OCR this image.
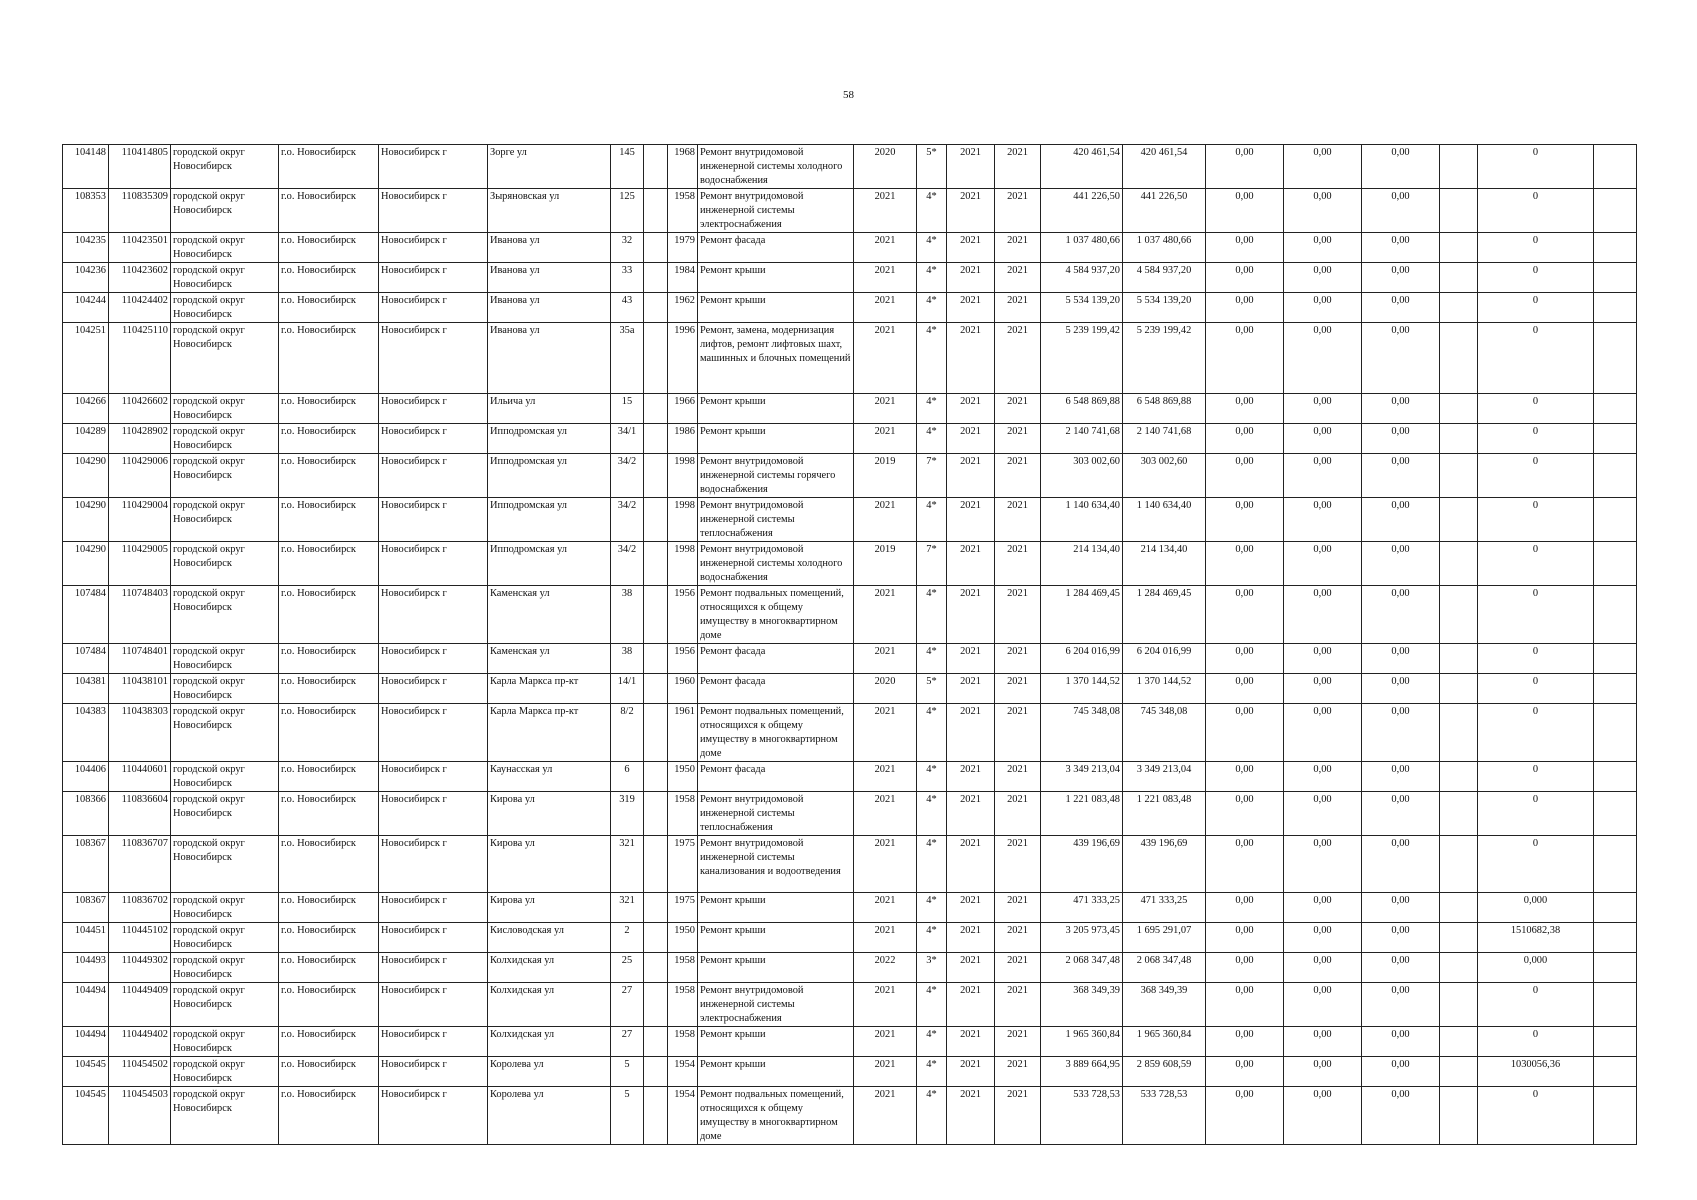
58
104148	110414805	городской округ Новосибирск	г.о. Новосибирск	Новосибирск г	Зорге ул	145		1968	Ремонт внутридомовой инженерной системы холодного водоснабжения	2020	5*	2021	2021	420 461,54	420 461,54	0,00	0,00	0,00		0	
108353	110835309	городской округ Новосибирск	г.о. Новосибирск	Новосибирск г	Зыряновская ул	125		1958	Ремонт внутридомовой инженерной системы электроснабжения	2021	4*	2021	2021	441 226,50	441 226,50	0,00	0,00	0,00		0	
104235	110423501	городской округ Новосибирск	г.о. Новосибирск	Новосибирск г	Иванова ул	32		1979	Ремонт фасада	2021	4*	2021	2021	1 037 480,66	1 037 480,66	0,00	0,00	0,00		0	
104236	110423602	городской округ Новосибирск	г.о. Новосибирск	Новосибирск г	Иванова ул	33		1984	Ремонт крыши	2021	4*	2021	2021	4 584 937,20	4 584 937,20	0,00	0,00	0,00		0	
104244	110424402	городской округ Новосибирск	г.о. Новосибирск	Новосибирск г	Иванова ул	43		1962	Ремонт крыши	2021	4*	2021	2021	5 534 139,20	5 534 139,20	0,00	0,00	0,00		0	
104251	110425110	городской округ Новосибирск	г.о. Новосибирск	Новосибирск г	Иванова ул	35а		1996	Ремонт, замена, модернизация лифтов, ремонт лифтовых шахт, машинных и блочных помещений	2021	4*	2021	2021	5 239 199,42	5 239 199,42	0,00	0,00	0,00		0	
104266	110426602	городской округ Новосибирск	г.о. Новосибирск	Новосибирск г	Ильича ул	15		1966	Ремонт крыши	2021	4*	2021	2021	6 548 869,88	6 548 869,88	0,00	0,00	0,00		0	
104289	110428902	городской округ Новосибирск	г.о. Новосибирск	Новосибирск г	Ипподромская ул	34/1		1986	Ремонт крыши	2021	4*	2021	2021	2 140 741,68	2 140 741,68	0,00	0,00	0,00		0	
104290	110429006	городской округ Новосибирск	г.о. Новосибирск	Новосибирск г	Ипподромская ул	34/2		1998	Ремонт внутридомовой инженерной системы горячего водоснабжения	2019	7*	2021	2021	303 002,60	303 002,60	0,00	0,00	0,00		0	
104290	110429004	городской округ Новосибирск	г.о. Новосибирск	Новосибирск г	Ипподромская ул	34/2		1998	Ремонт внутридомовой инженерной системы теплоснабжения	2021	4*	2021	2021	1 140 634,40	1 140 634,40	0,00	0,00	0,00		0	
104290	110429005	городской округ Новосибирск	г.о. Новосибирск	Новосибирск г	Ипподромская ул	34/2		1998	Ремонт внутридомовой инженерной системы холодного водоснабжения	2019	7*	2021	2021	214 134,40	214 134,40	0,00	0,00	0,00		0	
107484	110748403	городской округ Новосибирск	г.о. Новосибирск	Новосибирск г	Каменская ул	38		1956	Ремонт подвальных помещений, относящихся к общему имуществу в многоквартирном доме	2021	4*	2021	2021	1 284 469,45	1 284 469,45	0,00	0,00	0,00		0	
107484	110748401	городской округ Новосибирск	г.о. Новосибирск	Новосибирск г	Каменская ул	38		1956	Ремонт фасада	2021	4*	2021	2021	6 204 016,99	6 204 016,99	0,00	0,00	0,00		0	
104381	110438101	городской округ Новосибирск	г.о. Новосибирск	Новосибирск г	Карла Маркса пр-кт	14/1		1960	Ремонт фасада	2020	5*	2021	2021	1 370 144,52	1 370 144,52	0,00	0,00	0,00		0	
104383	110438303	городской округ Новосибирск	г.о. Новосибирск	Новосибирск г	Карла Маркса пр-кт	8/2		1961	Ремонт подвальных помещений, относящихся к общему имуществу в многоквартирном доме	2021	4*	2021	2021	745 348,08	745 348,08	0,00	0,00	0,00		0	
104406	110440601	городской округ Новосибирск	г.о. Новосибирск	Новосибирск г	Каунасская ул	6		1950	Ремонт фасада	2021	4*	2021	2021	3 349 213,04	3 349 213,04	0,00	0,00	0,00		0	
108366	110836604	городской округ Новосибирск	г.о. Новосибирск	Новосибирск г	Кирова ул	319		1958	Ремонт внутридомовой инженерной системы теплоснабжения	2021	4*	2021	2021	1 221 083,48	1 221 083,48	0,00	0,00	0,00		0	
108367	110836707	городской округ Новосибирск	г.о. Новосибирск	Новосибирск г	Кирова ул	321		1975	Ремонт внутридомовой инженерной системы канализования и водоотведения	2021	4*	2021	2021	439 196,69	439 196,69	0,00	0,00	0,00		0	
108367	110836702	городской округ Новосибирск	г.о. Новосибирск	Новосибирск г	Кирова ул	321		1975	Ремонт крыши	2021	4*	2021	2021	471 333,25	471 333,25	0,00	0,00	0,00		0,000	
104451	110445102	городской округ Новосибирск	г.о. Новосибирск	Новосибирск г	Кисловодская ул	2		1950	Ремонт крыши	2021	4*	2021	2021	3 205 973,45	1 695 291,07	0,00	0,00	0,00		1510682,38	
104493	110449302	городской округ Новосибирск	г.о. Новосибирск	Новосибирск г	Колхидская ул	25		1958	Ремонт крыши	2022	3*	2021	2021	2 068 347,48	2 068 347,48	0,00	0,00	0,00		0,000	
104494	110449409	городской округ Новосибирск	г.о. Новосибирск	Новосибирск г	Колхидская ул	27		1958	Ремонт внутридомовой инженерной системы электроснабжения	2021	4*	2021	2021	368 349,39	368 349,39	0,00	0,00	0,00		0	
104494	110449402	городской округ Новосибирск	г.о. Новосибирск	Новосибирск г	Колхидская ул	27		1958	Ремонт крыши	2021	4*	2021	2021	1 965 360,84	1 965 360,84	0,00	0,00	0,00		0	
104545	110454502	городской округ Новосибирск	г.о. Новосибирск	Новосибирск г	Королева ул	5		1954	Ремонт крыши	2021	4*	2021	2021	3 889 664,95	2 859 608,59	0,00	0,00	0,00		1030056,36	
104545	110454503	городской округ Новосибирск	г.о. Новосибирск	Новосибирск г	Королева ул	5		1954	Ремонт подвальных помещений, относящихся к общему имуществу в многоквартирном доме	2021	4*	2021	2021	533 728,53	533 728,53	0,00	0,00	0,00		0	
